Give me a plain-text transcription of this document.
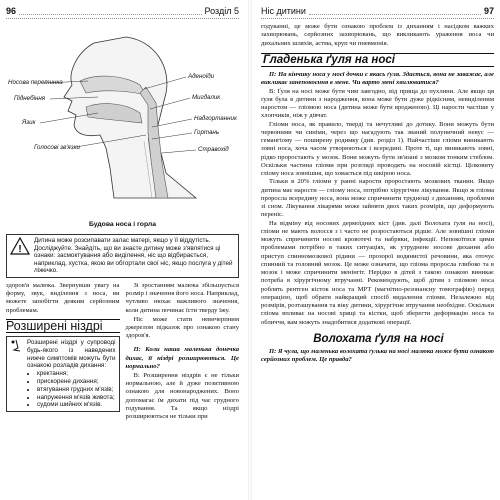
96	Розділ 5
Носова перетинка
Піднебіння
Язик
Голосові зв'язки
Аденоїди
Мигдалик
Надгортанник
Гортань
Стравохід
Будова носа і горла
!
Дитина може розсипавати залас матері, якщо у її віддутість. Досліджуйте. Знайдіть, що ви знаєте дитину може з'являтися ці ознаки: засмоктування або виділення, ніс що відбирається, наприклад, хустка, якою ви обгортали свої ніс, якщо послуга у дітей ліжечко.

здоров'я малюка. Звернувши увагу на форму, звук, виділення з носа, ви можете запобігти деяким серйозним проблемам.

Розширені ніздрі
Розширені ніздрі у супроводі будь-якого із наведених нижче симптомів можуть бути ознакою розладів дихання:
• кректання;
• прискорене дихання;
• втягування грудних м'язів;
• напруження м'язів живота;
• судоми шийних м'язів.

Зі зростанням малюка збільшується розмір і значення його носа. Наприклад, чутливо нюхає важливого значення, коли дитина починає їсти тверду їжу.

Ніс може стати невичерпним джерелом підказок про ознакою стану здоров'я.

П: Коли наша маленька донечка дихає, її ніздрі розширюються. Це нормально?

В: Розширення ніздрів є не тільки нормальною, але й дуже позитивною ознакою для новонароджених. Воно допомагає їм дихати під час грудного годування. Та якщо ніздрі розширюються не тільки при

Ніс дитини	97

годуванні, це може бути ознакою проблем із диханням і насідком важких захворювань, серйозних захворювань, що викликають ураження носа чи дихальних шляхів, астма, круп чи пневмонія.

Гладенька ґуля на носі

П: На кінчику носа у моєї дочки є якась ґуля. Здається, вона не заважає, але викликає занепокоєння в мене. Чи варто мені хвилюватися?

В: Ґуля на носі може бути чим завгодно, від прища до пухлини. Але якщо ця ґуля була в дитини з народження, вона може бути дуже рідкісним, невиділеним наростом — гліомою носа (дитина може бути вродженою). Ці нарости частіше у хлопчиків, ніж у дівчат.

Гліоми носа, як правило, тверді та нечутливі до дотику. Вони можуть бути червоними чи синіми, через що нагадують так званий полуничний невус — гемангіому — поширену родимку (див. розділ 1). Найчастіше гліоми виникають зовні носа, хоча часом утворюються і всередині. Проте ті, що виникають зовні, рідко проростають у мозок. Вони можуть бути зв'язані з мозком тонким стеблом. Оскільки частина гліоми при розгляді проводять на носовій кістці. Цілковиту гліому носа зовнішня, що ховається під шкірою носа.

Тільки в 20% гліоми у ранні нарости проростають мозкових тканин. Якщо дитина має нарости — гліому носа, потрібно хірургічне лікування. Якщо ж гліома проросла всередину носа, вона може спричинити труднощі з диханням, проблеми зі сном. Лікування лікарями може зайняти двох таких розмірів, що деформують переніс.

На відміну від носових дермоїдних кіст (див. далі Волохата ґуля на носі), гліоми не мають волосся з і часто не розростаються рідше. Але зовнішні гліоми можуть спричинити носові кровотечі та набряки, інфекції. Непокоїтися цими проблемами потрібно в таких ситуаціях, як утруднене носове дихання або приступ спинномозкової рідини — прозорої водянистої речовини, яка оточує спинний та головний мозок. Це може означати, що гліома проросла глибоко та в мозок і може спричинити менінгіт. Нерідко в дітей з такою ознакою виникає потреба в хірургічному втручанні. Рекомендують, щоб дітям з гліомою носа роблять рентген кісток носа та МРТ (магнітно-резонансну томографію) перед операцією, щоб обрати найкращий спосіб видалення гліоми. Незалежно від розмірів, розташування та віку дитини, хірургічне втручання необхідне. Оскільки гліома впливає на носові хрящі та кістки, щоб зберегти деформацію носа та обличчя, вам можуть знадобитися додаткові операції.

Волохата ґуля на носі

П: Я чула, що маленька волохата ґулька на носі малюка може бути ознакою серйозних проблем. Це правда?
